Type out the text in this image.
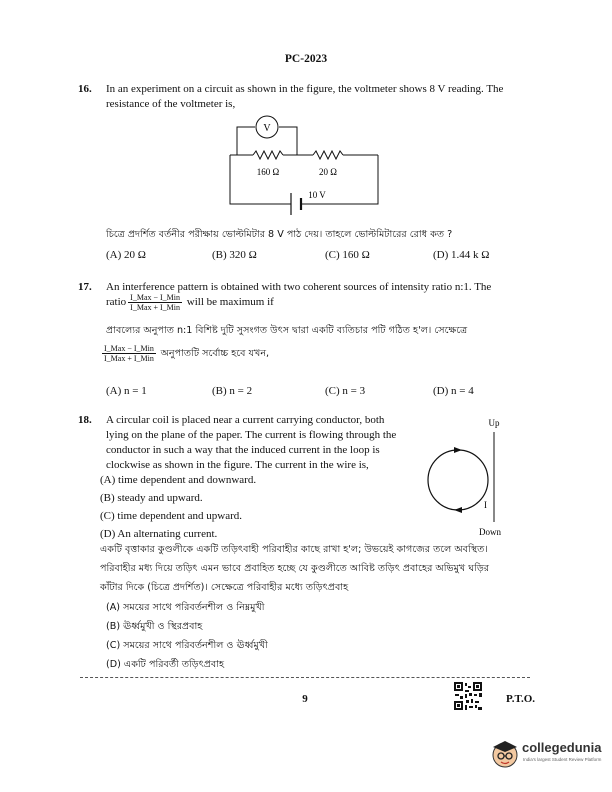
PC-2023
16. In an experiment on a circuit as shown in the figure, the voltmeter shows 8 V reading. The
resistance of the voltmeter is,
V
160 Ω	20 Ω
10 V
চিত্রে প্রদর্শিত বর্তনীর পরীক্ষায় ভোল্টমিটার 8 V পাঠ দেয়। তাহলে ভোল্টমিটারের রোধ কত ?
(A) 20 Ω	(B) 320 Ω	(C) 160 Ω	(D) 1.44 k Ω
17. An interference pattern is obtained with two coherent sources of intensity ratio n:1. The
ratio $\frac{\text{I\_Max − I\_Min}}{\text{I\_Max + I\_Min}}$ will be maximum if
প্রাবল্যের অনুপাত n:1 বিশিষ্ট দুটি সুসংগত উৎস দ্বারা একটি ব্যতিচার পটি গঠিত হ'ল। সেক্ষেত্রে
$\frac{\text{I\_Max − I\_Min}}{\text{I\_Max + I\_Min}}$ অনুপাতটি সর্বোচ্চ হবে যখন,
(A) n = 1	(B) n = 2	(C) n = 3	(D) n = 4
18. A circular coil is placed near a current carrying conductor, both
lying on the plane of the paper. The current is flowing through the
conductor in such a way that the induced current in the loop is
clockwise as shown in the figure. The current in the wire is,
(A) time dependent and downward.
(B) steady and upward.
(C) time dependent and upward.
(D) An alternating current.
Up
I
Down
একটি বৃত্তাকার কুণ্ডলীকে একটি তড়িৎবাহী পরিবাহীর কাছে রাখা হ'ল; উভয়েই কাগজের তলে অবস্থিত।
পরিবাহীর মধ্য দিয়ে তড়িৎ এমন ভাবে প্রবাহিত হচ্ছে যে কুণ্ডলীতে আবিষ্ট তড়িৎ প্রবাহের অভিমুখ ঘড়ির
কাঁটার দিকে (চিত্রে প্রদর্শিত)। সেক্ষেত্রে পরিবাহীর মধ্যে তড়িৎপ্রবাহ
(A) সময়ের সাথে পরিবর্তনশীল ও নিম্নমুখী
(B) ঊর্ধ্বমুখী ও স্থিরপ্রবাহ
(C) সময়ের সাথে পরিবর্তনশীল ও ঊর্ধ্বমুখী
(D) একটি পরিবর্তী তড়িৎপ্রবাহ
9	P.T.O.
collegedunia
India's largest Student Review Platform
